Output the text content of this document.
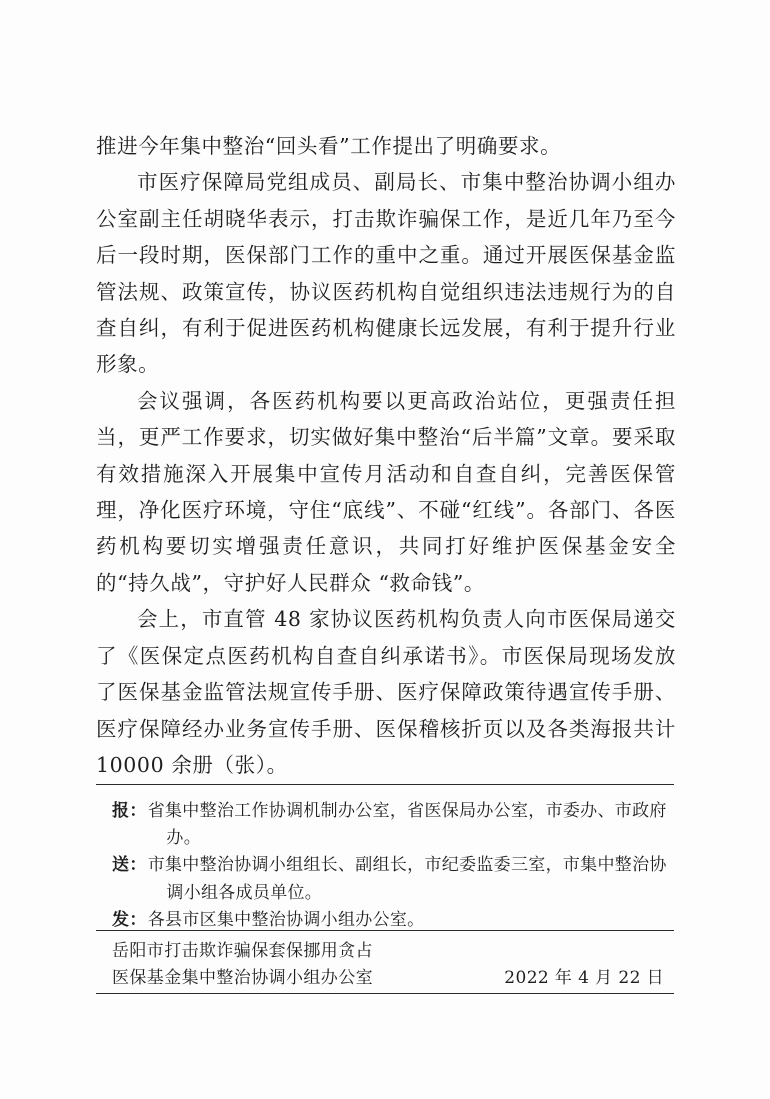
推进今年集中整治“回头看”工作提出了明确要求。

市医疗保障局党组成员、副局长、市集中整治协调小组办公室副主任胡晓华表示，打击欺诈骗保工作，是近几年乃至今后一段时期，医保部门工作的重中之重。通过开展医保基金监管法规、政策宣传，协议医药机构自觉组织违法违规行为的自查自纠，有利于促进医药机构健康长远发展，有利于提升行业形象。

会议强调，各医药机构要以更高政治站位，更强责任担当，更严工作要求，切实做好集中整治“后半篇”文章。要采取有效措施深入开展集中宣传月活动和自查自纠，完善医保管理，净化医疗环境，守住“底线”、不碰“红线”。各部门、各医药机构要切实增强责任意识，共同打好维护医保基金安全的“持久战”，守护好人民群众 “救命钱”。

会上，市直管 48 家协议医药机构负责人向市医保局递交了《医保定点医药机构自查自纠承诺书》。市医保局现场发放了医保基金监管法规宣传手册、医疗保障政策待遇宣传手册、医疗保障经办业务宣传手册、医保稽核折页以及各类海报共计 10000 余册（张）。

报：省集中整治工作协调机制办公室，省医保局办公室，市委办、市政府办。

送：市集中整治协调小组组长、副组长，市纪委监委三室，市集中整治协调小组各成员单位。

发：各县市区集中整治协调小组办公室。

岳阳市打击欺诈骗保套保挪用贪占
医保基金集中整治协调小组办公室	2022 年 4 月 22 日
